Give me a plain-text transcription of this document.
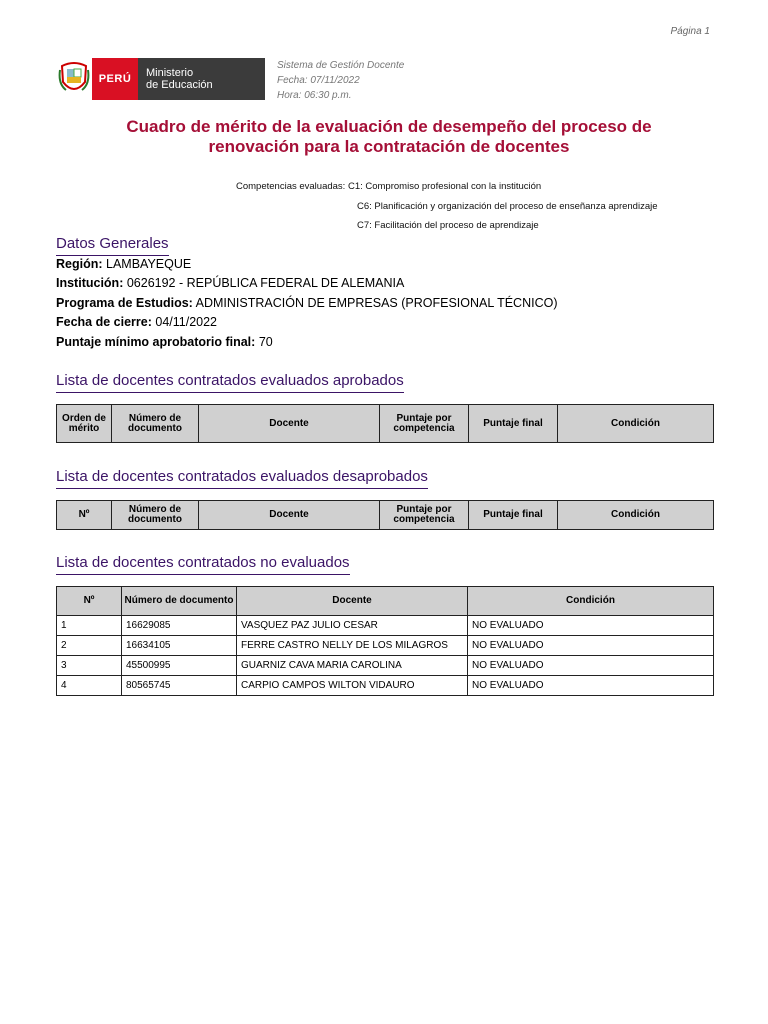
Página 1
PERÚ	Ministerio
de Educación
Sistema de Gestión Docente
Fecha: 07/11/2022
Hora: 06:30 p.m.
Cuadro de mérito de la evaluación de desempeño del proceso de
renovación para la contratación de docentes
Competencias evaluadas: C1: Compromiso profesional con la institución
C6: Planificación y organización del proceso de enseñanza aprendizaje
C7: Facilitación del proceso de aprendizaje
Datos Generales
Región: LAMBAYEQUE
Institución: 0626192 - REPÚBLICA FEDERAL DE ALEMANIA
Programa de Estudios: ADMINISTRACIÓN DE EMPRESAS (PROFESIONAL TÉCNICO)
Fecha de cierre: 04/11/2022
Puntaje mínimo aprobatorio final: 70
Lista de docentes contratados evaluados aprobados
Orden de mérito	Número de documento	Docente	Puntaje por competencia	Puntaje final	Condición
Lista de docentes contratados evaluados desaprobados
Nº	Número de documento	Docente	Puntaje por competencia	Puntaje final	Condición
Lista de docentes contratados no evaluados
Nº	Número de documento	Docente	Condición
1	16629085	VASQUEZ PAZ JULIO CESAR	NO EVALUADO
2	16634105	FERRE CASTRO NELLY DE LOS MILAGROS	NO EVALUADO
3	45500995	GUARNIZ CAVA MARIA CAROLINA	NO EVALUADO
4	80565745	CARPIO CAMPOS WILTON VIDAURO	NO EVALUADO
